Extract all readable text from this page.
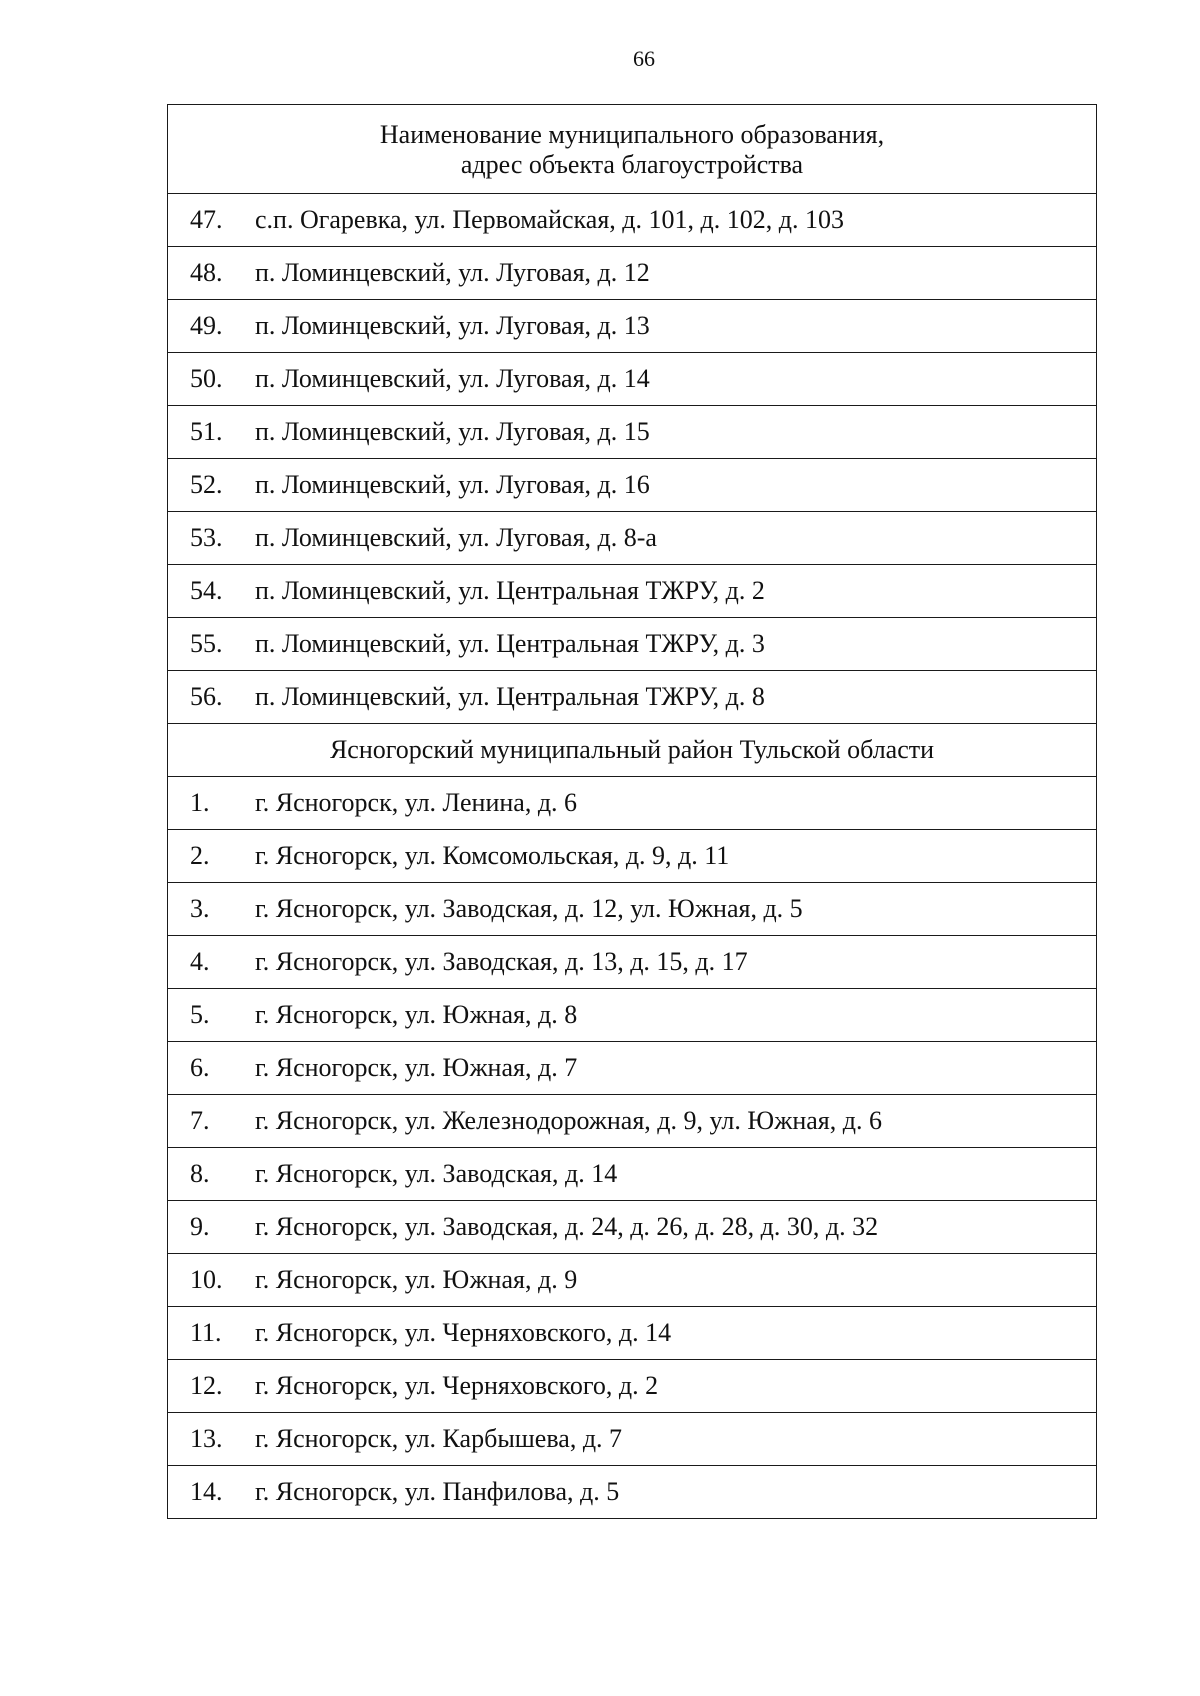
66
Наименование муниципального образования,
адрес объекта благоустройства

47. с.п. Огаревка, ул. Первомайская, д. 101, д. 102, д. 103
48. п. Ломинцевский, ул. Луговая, д. 12
49. п. Ломинцевский, ул. Луговая, д. 13
50. п. Ломинцевский, ул. Луговая, д. 14
51. п. Ломинцевский, ул. Луговая, д. 15
52. п. Ломинцевский, ул. Луговая, д. 16
53. п. Ломинцевский, ул. Луговая, д. 8-а
54. п. Ломинцевский, ул. Центральная ТЖРУ, д. 2
55. п. Ломинцевский, ул. Центральная ТЖРУ, д. 3
56. п. Ломинцевский, ул. Центральная ТЖРУ, д. 8
Ясногорский муниципальный район Тульской области
1. г. Ясногорск, ул. Ленина, д. 6
2. г. Ясногорск, ул. Комсомольская, д. 9, д. 11
3. г. Ясногорск, ул. Заводская, д. 12, ул. Южная, д. 5
4. г. Ясногорск, ул. Заводская, д. 13, д. 15, д. 17
5. г. Ясногорск, ул. Южная, д. 8
6. г. Ясногорск, ул. Южная, д. 7
7. г. Ясногорск, ул. Железнодорожная, д. 9, ул. Южная, д. 6
8. г. Ясногорск, ул. Заводская, д. 14
9. г. Ясногорск, ул. Заводская, д. 24, д. 26, д. 28, д. 30, д. 32
10. г. Ясногорск, ул. Южная, д. 9
11. г. Ясногорск, ул. Черняховского, д. 14
12. г. Ясногорск, ул. Черняховского, д. 2
13. г. Ясногорск, ул. Карбышева, д. 7
14. г. Ясногорск, ул. Панфилова, д. 5
